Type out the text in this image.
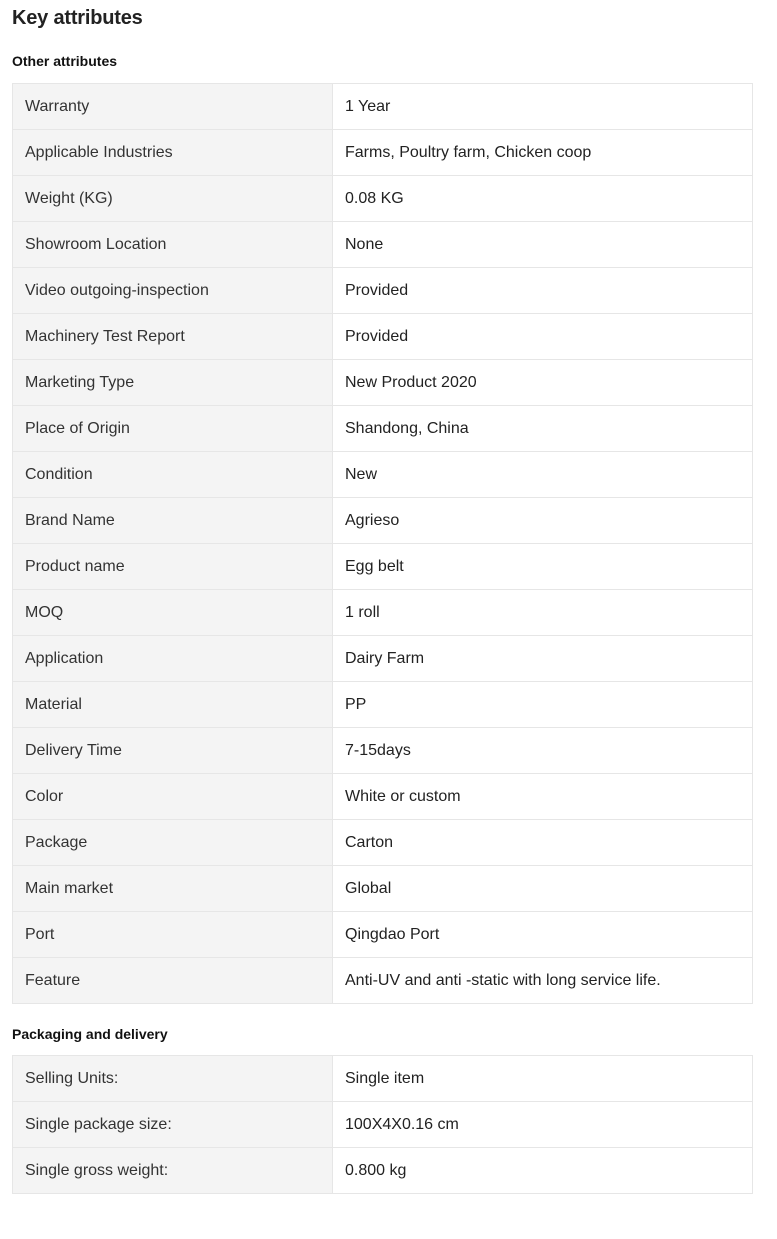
Key attributes
Other attributes
Warranty	1 Year
Applicable Industries	Farms, Poultry farm, Chicken coop
Weight (KG)	0.08 KG
Showroom Location	None
Video outgoing-inspection	Provided
Machinery Test Report	Provided
Marketing Type	New Product 2020
Place of Origin	Shandong, China
Condition	New
Brand Name	Agrieso
Product name	Egg belt
MOQ	1 roll
Application	Dairy Farm
Material	PP
Delivery Time	7-15days
Color	White or custom
Package	Carton
Main market	Global
Port	Qingdao Port
Feature	Anti-UV and anti -static with long service life.
Packaging and delivery
Selling Units:	Single item
Single package size:	100X4X0.16 cm
Single gross weight:	0.800 kg
